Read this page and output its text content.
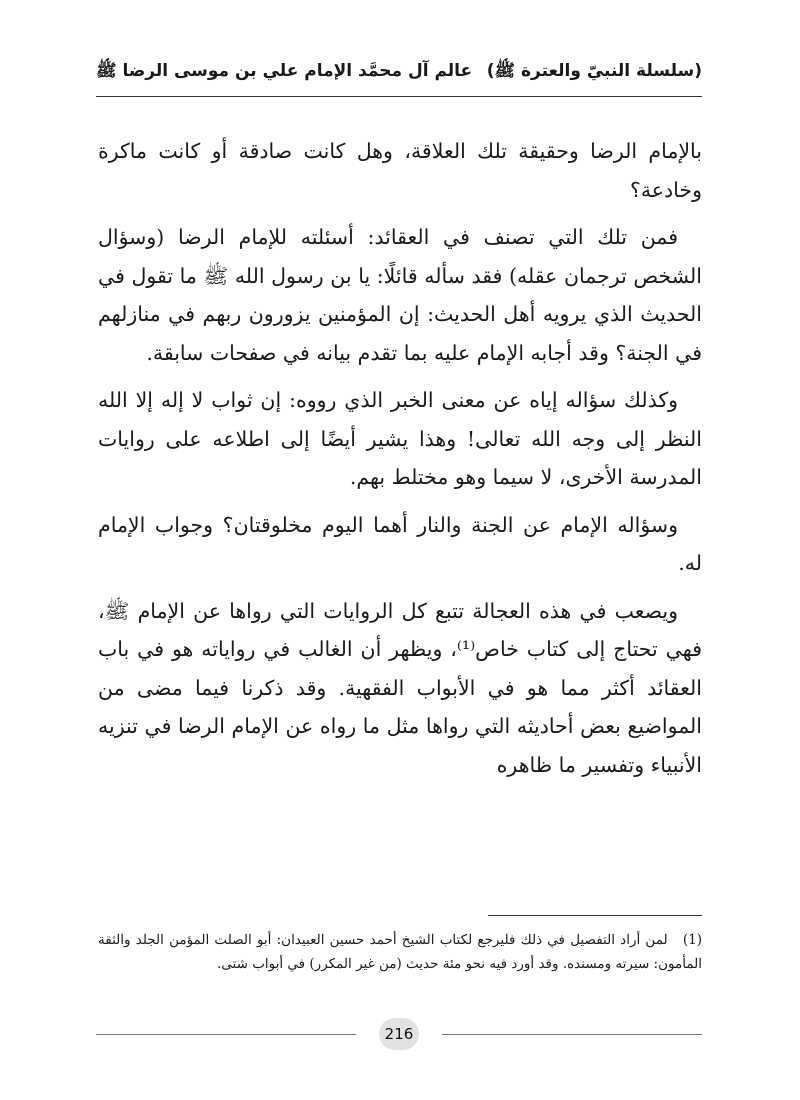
(سلسلة النبيّ والعترة ﷺ)
عالم آل محمَّد الإمام علي بن موسى الرضا ﷺ

بالإمام الرضا وحقيقة تلك العلاقة، وهل كانت صادقة أو كانت ماكرة وخادعة؟

فمن تلك التي تصنف في العقائد: أسئلته للإمام الرضا (وسؤال الشخص ترجمان عقله) فقد سأله قائلًا: يا بن رسول الله ﷺ ما تقول في الحديث الذي يرويه أهل الحديث: إن المؤمنين يزورون ربهم في منازلهم في الجنة؟ وقد أجابه الإمام عليه بما تقدم بيانه في صفحات سابقة.

وكذلك سؤاله إياه عن معنى الخبر الذي رووه: إن ثواب لا إله إلا الله النظر إلى وجه الله تعالى! وهذا يشير أيضًا إلى اطلاعه على روايات المدرسة الأخرى، لا سيما وهو مختلط بهم.

وسؤاله الإمام عن الجنة والنار أهما اليوم مخلوقتان؟ وجواب الإمام له.

ويصعب في هذه العجالة تتبع كل الروايات التي رواها عن الإمام ﷺ، فهي تحتاج إلى كتاب خاص⁽¹⁾، ويظهر أن الغالب في رواياته هو في باب العقائد أكثر مما هو في الأبواب الفقهية. وقد ذكرنا فيما مضى من المواضيع بعض أحاديثه التي رواها مثل ما رواه عن الإمام الرضا في تنزيه الأنبياء وتفسير ما ظاهره

(1) لمن أراد التفصيل في ذلك فليرجع لكتاب الشيخ أحمد حسين العبيدان: أبو الصلت المؤمن الجلد والثقة المأمون: سيرته ومسنده. وقد أورد فيه نحو مئة حديث (من غير المكرر) في أبواب شتى.
216
